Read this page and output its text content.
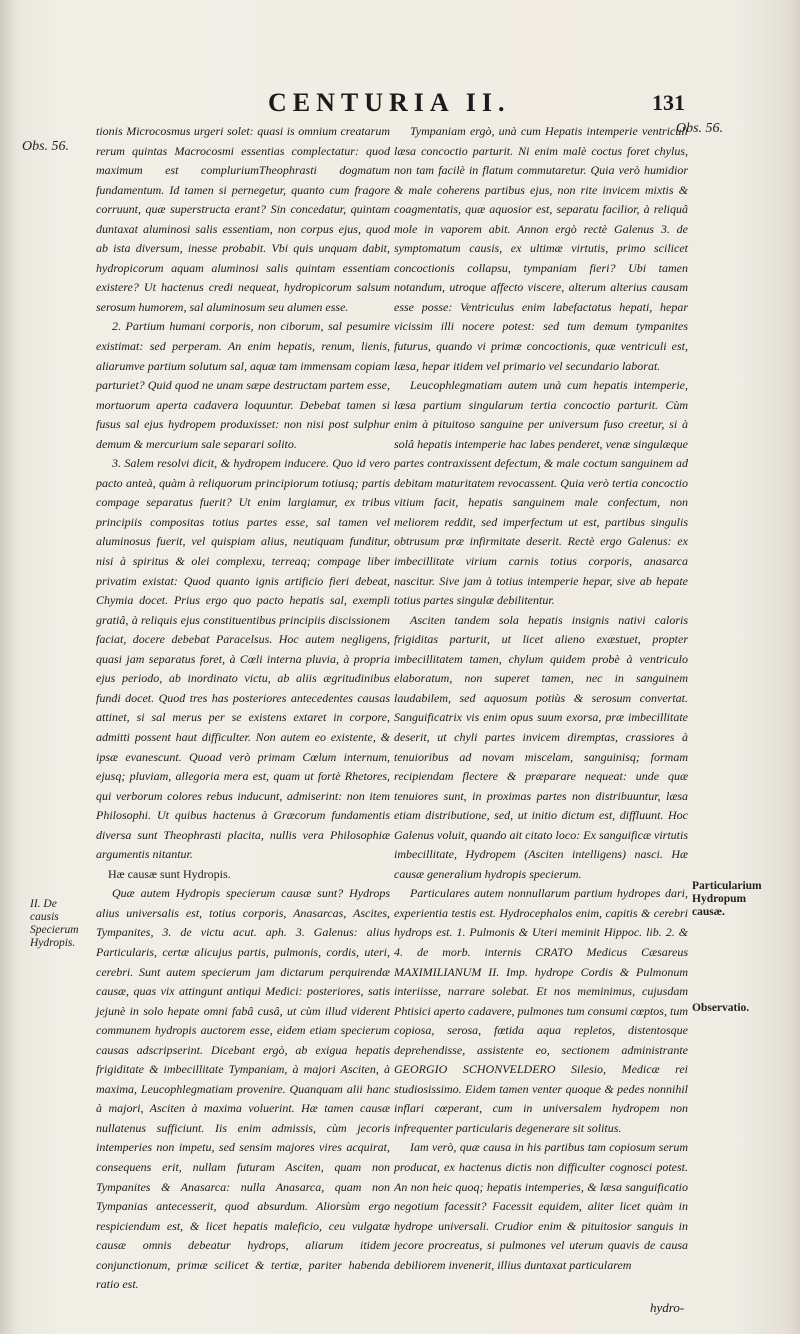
CENTURIA II.	131
Obs. 56.
Obs. 56.
II. De causis Specierum Hydropis.
Particularium Hydropum causæ.
Observatio.

tionis Microcosmus urgeri solet: quasi is omnium creatarum rerum quintas Macrocosmi essentias complectatur: quod maximum est compluriumTheophrasti dogmatum fundamentum. Id tamen si pernegetur, quanto cum fragore corruunt, quæ superstructa erant? Sin concedatur, quintam duntaxat aluminosi salis essentiam, non corpus ejus, quod ab ista diversum, inesse probabit. Vbi quis unquam dabit, hydropicorum aquam aluminosi salis quintam essentiam existere? Ut hactenus credi nequeat, hydropicorum salsum serosum humorem, sal aluminosum seu alumen esse.

2. Partium humani corporis, non ciborum, sal pesumire existimat: sed perperam. An enim hepatis, renum, lienis, aliarumve partium solutum sal, aquæ tam immensam copiam parturiet? Quid quod ne unam sæpe destructam partem esse, mortuorum aperta cadavera loquuntur. Debebat tamen si fusus sal ejus hydropem produxisset: non nisi post sulphur demum & mercurium sale separari solito.

3. Salem resolvi dicit, & hydropem inducere. Quo id vero pacto anteà, quàm à reliquorum principiorum totiusq; partis compage separatus fuerit? Ut enim largiamur, ex tribus principiis compositas totius partes esse, sal tamen vel aluminosus fuerit, vel quispiam alius, neutiquam funditur, nisi à spiritus & olei complexu, terreaq; compage liber privatim existat: Quod quanto ignis artificio fieri debeat, Chymia docet. Prius ergo quo pacto hepatis sal, exempli gratiâ, à reliquis ejus constituentibus principiis discissionem faciat, docere debebat Paracelsus. Hoc autem negligens, quasi jam separatus foret, à Cœli interna pluvia, à propria ejus periodo, ab inordinato victu, ab aliis ægritudinibus fundi docet. Quod tres has posteriores antecedentes causas attinet, si sal merus per se existens extaret in corpore, admitti possent haut difficulter. Non autem eo existente, & ipsæ evanescunt. Quoad verò primam Cœlum internum, ejusq; pluviam, allegoria mera est, quam ut fortè Rhetores, qui verborum colores rebus inducunt, admiserint: non item Philosophi. Ut quibus hactenus à Græcorum fundamentis diversa sunt Theophrasti placita, nullis vera Philosophiæ argumentis nitantur.

Hæ causæ sunt Hydropis.

Quæ autem Hydropis specierum causæ sunt? Hydrops alius universalis est, totius corporis, Anasarcas, Ascites, Tympanites, 3. de victu acut. aph. 3. Galenus: alius Particularis, certæ alicujus partis, pulmonis, cordis, uteri, cerebri. Sunt autem specierum jam dictarum perquirendæ causæ, quas vix attingunt antiqui Medici: posteriores, satis jejunè in solo hepate omni fabâ cusâ, ut cùm illud viderent communem hydropis auctorem esse, eidem etiam specierum causas adscripserint. Dicebant ergò, ab exigua hepatis frigiditate & imbecillitate Tympaniam, à majori Asciten, à maxima, Leucophlegmatiam provenire. Quanquam alii hanc à majori, Asciten à maxima voluerint. Hæ tamen causæ nullatenus sufficiunt. Iis enim admissis, cùm jecoris intemperies non impetu, sed sensim majores vires acquirat, consequens erit, nullam futuram Asciten, quam non Tympanites & Anasarca: nulla Anasarca, quam non Tympanias antecesserit, quod absurdum. Aliorsùm ergo respiciendum est, & licet hepatis maleficio, ceu vulgatæ causæ omnis debeatur hydrops, aliarum itidem conjunctionum, primæ scilicet & tertiæ, pariter habenda ratio est.

Tympaniam ergò, unà cum Hepatis intemperie ventriculi læsa concoctio parturit. Ni enim malè coctus foret chylus, non tam facilè in flatum commutaretur. Quia verò humidior & male coherens partibus ejus, non rite invicem mixtis & coagmentatis, quæ aquosior est, separatu facilior, à reliquâ mole in vaporem abit. Annon ergò rectè Galenus 3. de symptomatum causis, ex ultimæ virtutis, primo scilicet concoctionis collapsu, tympaniam fieri? Ubi tamen notandum, utroque affecto viscere, alterum alterius causam esse posse: Ventriculus enim labefactatus hepati, hepar vicissim illi nocere potest: sed tum demum tympanites futurus, quando vi primæ concoctionis, quæ ventriculi est, læsa, hepar itidem vel primario vel secundario laborat.

Leucophlegmatiam autem unà cum hepatis intemperie, læsa partium singularum tertia concoctio parturit. Cùm enim à pituitoso sanguine per universum fuso creetur, si à solâ hepatis intemperie hac labes penderet, venæ singulæque partes contraxissent defectum, & male coctum sanguinem ad debitam maturitatem revocassent. Quia verò tertia concoctio vitium facit, hepatis sanguinem male confectum, non meliorem reddit, sed imperfectum ut est, partibus singulis obtrusum præ infirmitate deserit. Rectè ergo Galenus: ex imbecillitate virium carnis totius corporis, anasarca nascitur. Sive jam à totius intemperie hepar, sive ab hepate totius partes singulæ debilitentur.

Asciten tandem sola hepatis insignis nativi caloris frigiditas parturit, ut licet alieno exæstuet, propter imbecillitatem tamen, chylum quidem probè à ventriculo elaboratum, non superet tamen, nec in sanguinem laudabilem, sed aquosum potiùs & serosum convertat. Sanguificatrix vis enim opus suum exorsa, præ imbecillitate deserit, ut chyli partes invicem diremptas, crassiores à tenuioribus ad novam miscelam, sanguinisq; formam recipiendam flectere & præparare nequeat: unde quæ tenuiores sunt, in proximas partes non distribuuntur, læsa etiam distributione, sed, ut initio dictum est, diffluunt. Hoc Galenus voluit, quando ait citato loco: Ex sanguificæ virtutis imbecillitate, Hydropem (Asciten intelligens) nasci. Hæ causæ generalium hydropis specierum.

Particulares autem nonnullarum partium hydropes dari, experientia testis est. Hydrocephalos enim, capitis & cerebri hydrops est. 1. Pulmonis & Uteri meminit Hippoc. lib. 2. & 4. de morb. internis CRATO Medicus Cæsareus MAXIMILIANUM II. Imp. hydrope Cordis & Pulmonum interiisse, narrare solebat. Et nos meminimus, cujusdam Phtisici aperto cadavere, pulmones tum consumi cœptos, tum copiosa, serosa, fœtida aqua repletos, distentosque deprehendisse, assistente eo, sectionem administrante GEORGIO SCHONVELDERO Silesio, Medicæ rei studiosissimo. Eidem tamen venter quoque & pedes nonnihil inflari cœperant, cum in universalem hydropem non infrequenter particularis degenerare sit solitus.

Iam verò, quæ causa in his partibus tam copiosum serum producat, ex hactenus dictis non difficulter cognosci potest. An non heic quoq; hepatis intemperies, & læsa sanguificatio negotium facessit? Facessit equidem, aliter licet quàm in hydrope universali. Crudior enim & pituitosior sanguis in jecore procreatus, si pulmones vel uterum quavis de causa debiliorem invenerit, illius duntaxat particularem

hydro-
